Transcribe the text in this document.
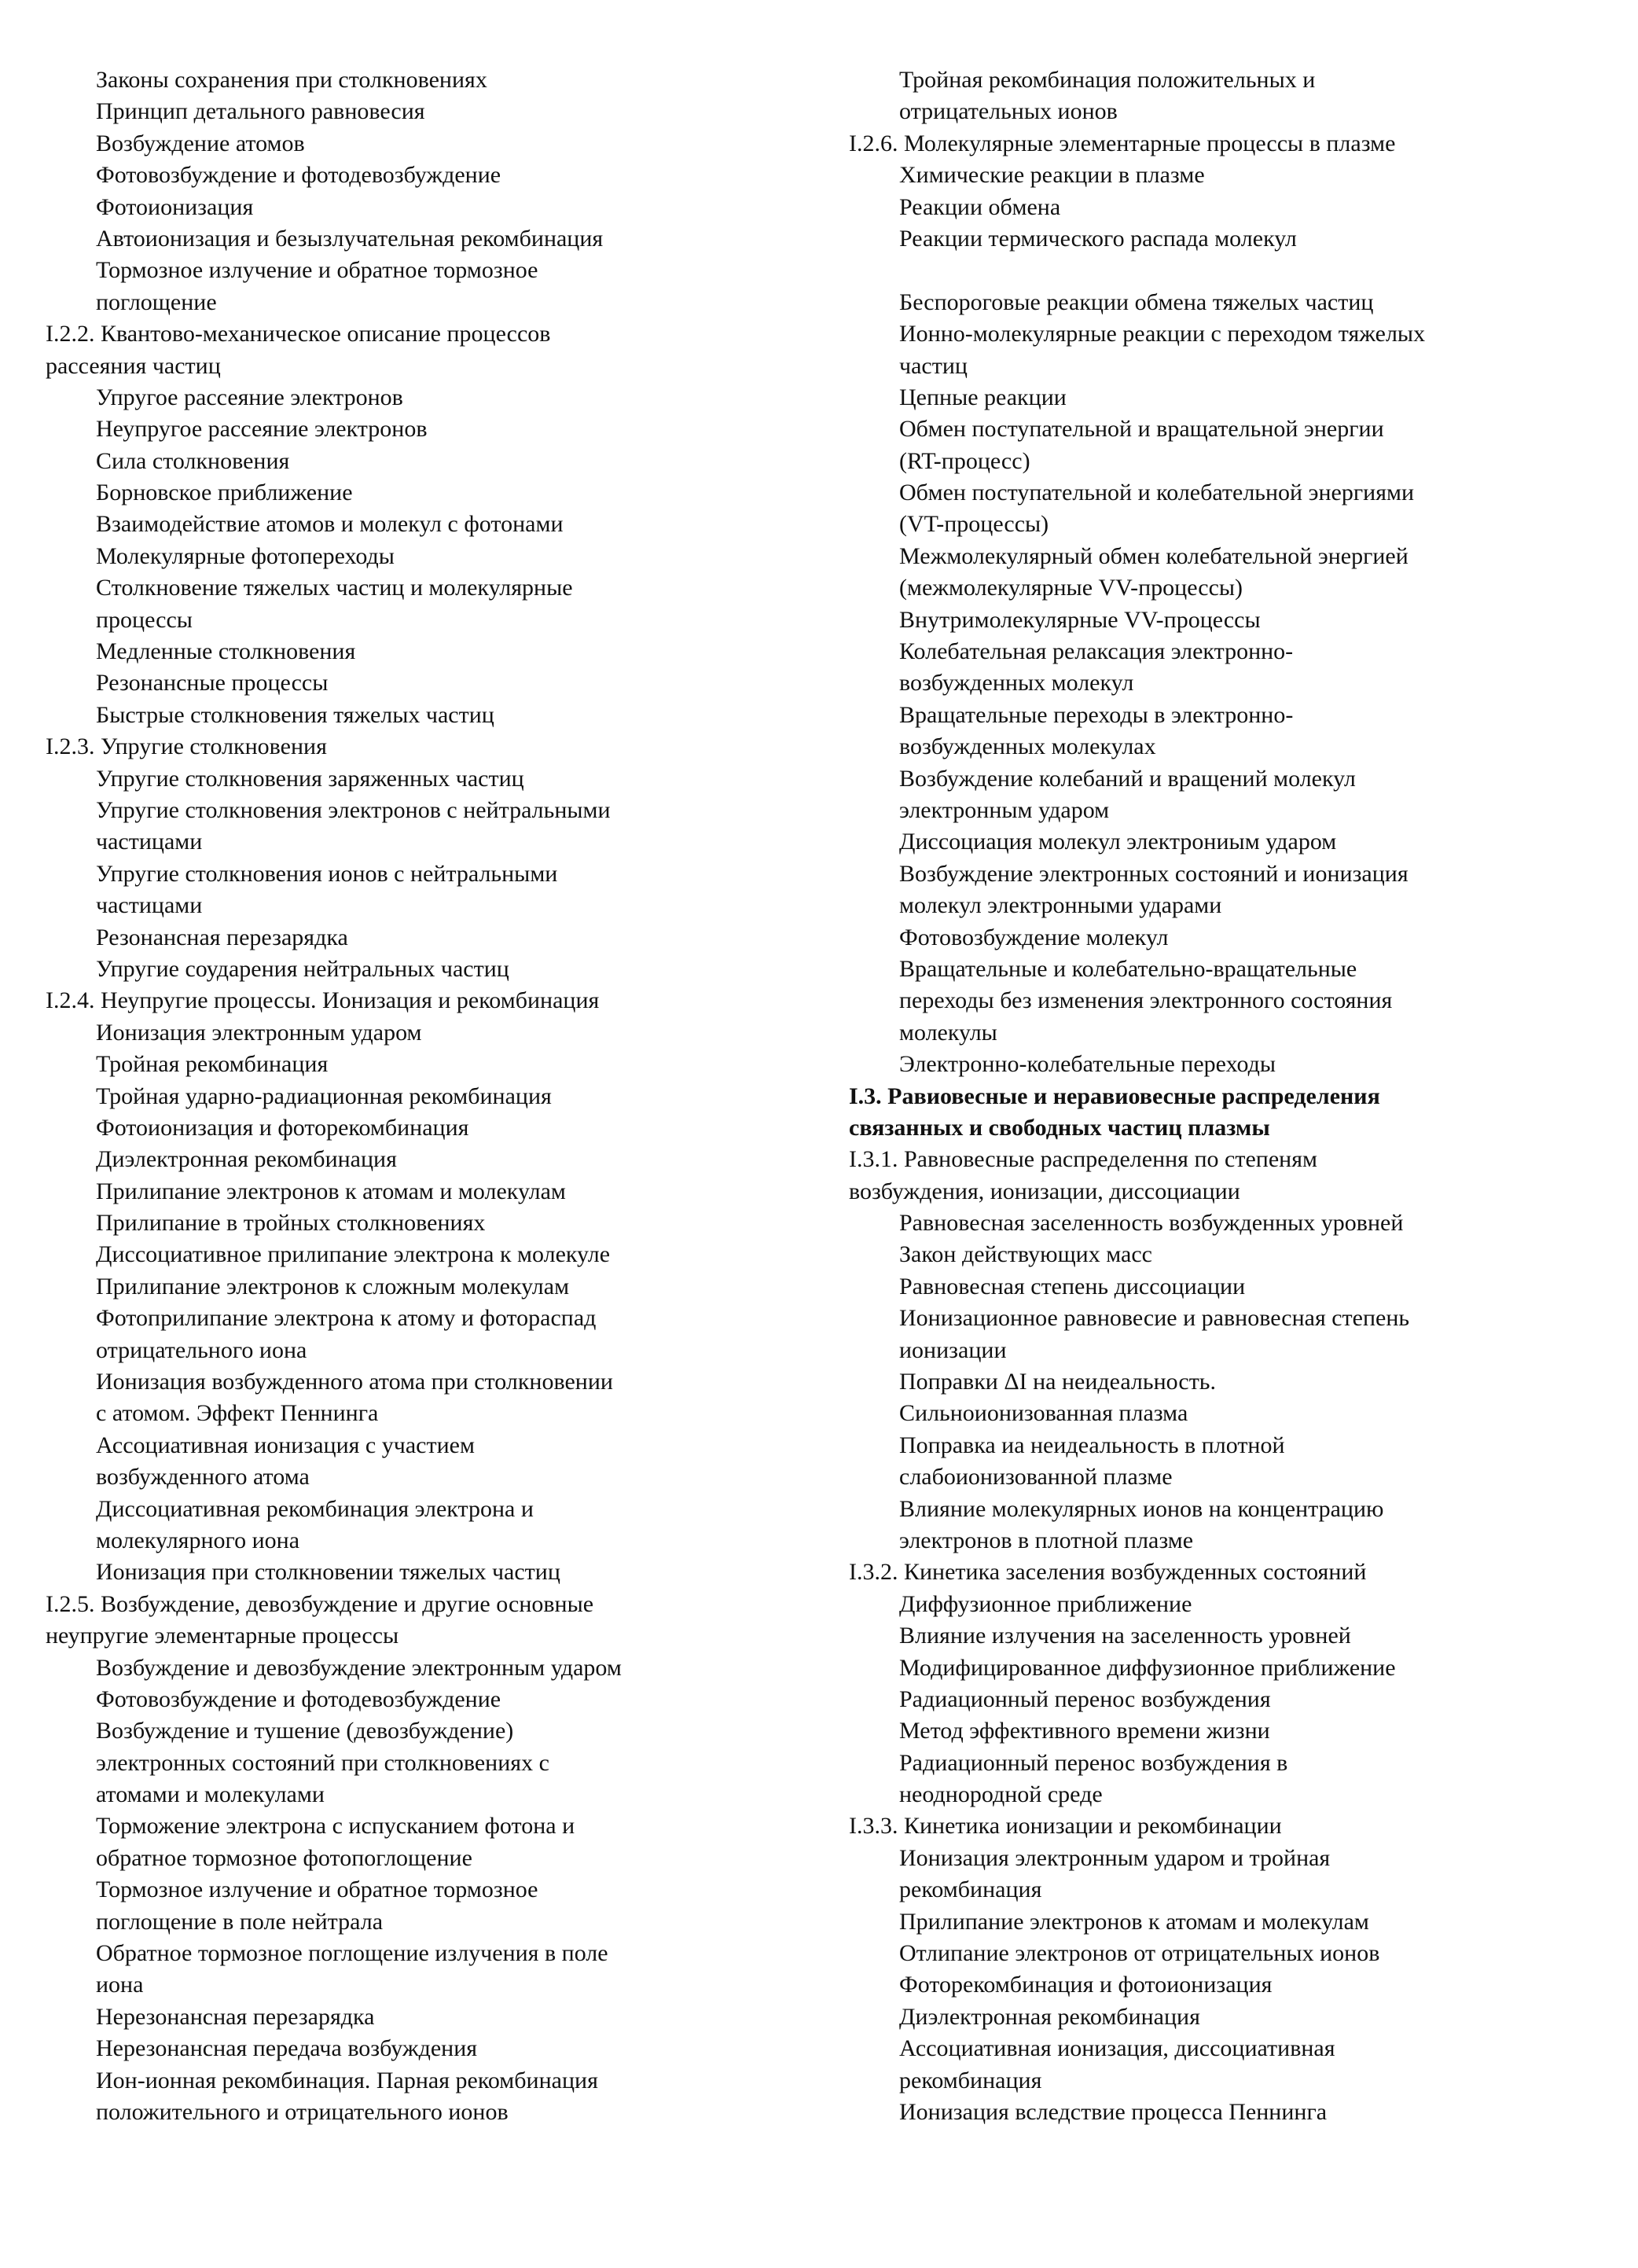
Законы сохранения при столкновениях
Принцип детального равновесия
Возбуждение атомов
Фотовозбуждение и фотодевозбуждение
Фотоионизация
Автоионизация и безызлучательная рекомбинация
Тормозное излучение и обратное тормозное
поглощение
I.2.2. Квантово-механическое описание процессов
рассеяния частиц
Упругое рассеяние электронов
Неупругое рассеяние электронов
Сила столкновения
Борновское приближение
Взаимодействие атомов и молекул с фотонами
Молекулярные фотопереходы
Столкновение тяжелых частиц и молекулярные
процессы
Медленные столкновения
Резонансные процессы
Быстрые столкновения тяжелых частиц
I.2.3. Упругие столкновения
Упругие столкновения заряженных частиц
Упругие столкновения электронов с нейтральными
частицами
Упругие столкновения ионов с нейтральными
частицами
Резонансная перезарядка
Упругие соударения нейтральных частиц
I.2.4. Неупругие процессы. Ионизация и рекомбинация
Ионизация электронным ударом
Тройная рекомбинация
Тройная ударно-радиационная рекомбинация
Фотоионизация и фоторекомбинация
Диэлектронная рекомбинация
Прилипание электронов к атомам и молекулам
Прилипание в тройных столкновениях
Диссоциативное прилипание электрона к молекуле
Прилипание электронов к сложным молекулам
Фотоприлипание электрона к атому и фотораспад
отрицательного иона
Ионизация возбужденного атома при столкновении
с атомом. Эффект Пеннинга
Ассоциативная ионизация с участием
возбужденного атома
Диссоциативная рекомбинация электрона и
молекулярного иона
Ионизация при столкновении тяжелых частиц
I.2.5. Возбуждение, девозбуждение и другие основные
неупругие элементарные процессы
Возбуждение и девозбуждение электронным ударом
Фотовозбуждение и фотодевозбуждение
Возбуждение и тушение (девозбуждение)
электронных состояний при столкновениях с
атомами и молекулами
Торможение электрона с испусканием фотона и
обратное тормозное фотопоглощение
Тормозное излучение и обратное тормозное
поглощение в поле нейтрала
Обратное тормозное поглощение излучения в поле
иона
Нерезонансная перезарядка
Нерезонансная передача возбуждения
Ион-ионная рекомбинация. Парная рекомбинация
положительного и отрицательного ионов
Тройная рекомбинация положительных и
отрицательных ионов
I.2.6. Молекулярные элементарные процессы в плазме
Химические реакции в плазме
Реакции обмена
Реакции термического распада молекул
Беспороговые реакции обмена тяжелых частиц
Ионно-молекулярные реакции с переходом тяжелых
частиц
Цепные реакции
Обмен поступательной и вращательной энергии
(RT-процесс)
Обмен поступательной и колебательной энергиями
(VT-процессы)
Межмолекулярный обмен колебательной энергией
(межмолекулярные VV-процессы)
Внутримолекулярные VV-процессы
Колебательная релаксация электронно-
возбужденных молекул
Вращательные переходы в электронно-
возбужденных молекулах
Возбуждение колебаний и вращений молекул
электронным ударом
Диссоциация молекул электрониым ударом
Возбуждение электронных состояний и ионизация
молекул электронными ударами
Фотовозбуждение молекул
Вращательные и колебательно-вращательные
переходы без изменения электронного состояния
молекулы
Электронно-колебательные переходы
I.3. Равиовесные и неравиовесные распределения
связанных и свободных частиц плазмы
I.3.1. Равновесные распределення по степеням
возбуждения, ионизации, диссоциации
Равновесная заселенность возбужденных уровней
Закон действующих масс
Равновесная степень диссоциации
Ионизационное равновесие и равновесная степень
ионизации
Поправки ΔI на неидеальность.
Сильноионизованная плазма
Поправка иа неидеальность в плотной
слабоионизованной плазме
Влияние молекулярных ионов на концентрацию
электронов в плотной плазме
I.3.2. Кинетика заселения возбужденных состояний
Диффузионное приближение
Влияние излучения на заселенность уровней
Модифицированное диффузионное приближение
Радиационный перенос возбуждения
Метод эффективного времени жизни
Радиационный перенос возбуждения в
неоднородной среде
I.3.3. Кинетика ионизации и рекомбинации
Ионизация электронным ударом и тройная
рекомбинация
Прилипание электронов к атомам и молекулам
Отлипание электронов от отрицательных ионов
Фоторекомбинация и фотоионизация
Диэлектронная рекомбинация
Ассоциативная ионизация, диссоциативная
рекомбинация
Ионизация вследствие процесса Пеннинга
